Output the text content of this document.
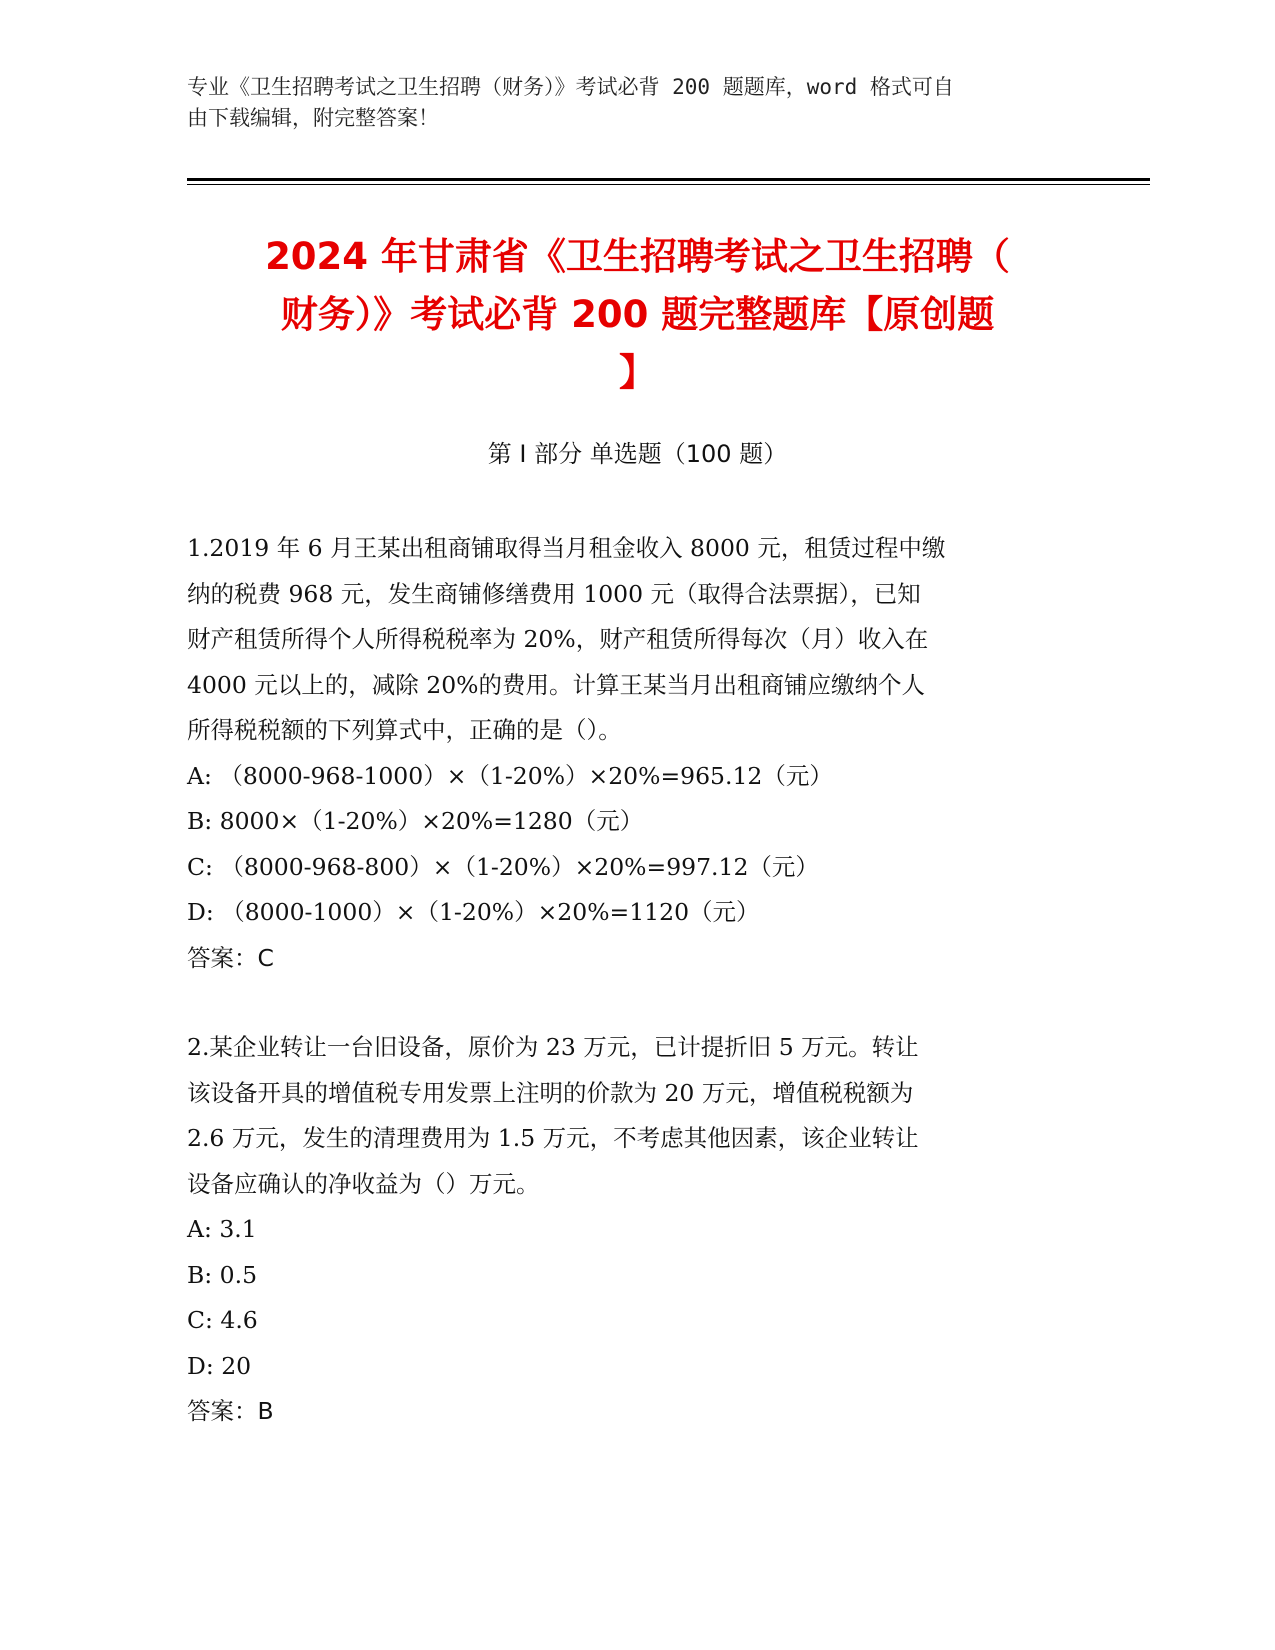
专业《卫生招聘考试之卫生招聘（财务）》考试必背 200 题题库，word 格式可自
由下载编辑，附完整答案！
2024 年甘肃省《卫生招聘考试之卫生招聘（
财务）》考试必背 200 题完整题库【原创题
】
第 I 部分 单选题（100 题）
1.2019 年 6 月王某出租商铺取得当月租金收入 8000 元，租赁过程中缴
纳的税费 968 元，发生商铺修缮费用 1000 元（取得合法票据），已知
财产租赁所得个人所得税税率为 20%，财产租赁所得每次（月）收入在
4000 元以上的，减除 20%的费用。计算王某当月出租商铺应缴纳个人
所得税税额的下列算式中，正确的是（）。
A: （8000-968-1000）×（1-20%）×20%=965.12（元）
B: 8000×（1-20%）×20%=1280（元）
C: （8000-968-800）×（1-20%）×20%=997.12（元）
D: （8000-1000）×（1-20%）×20%=1120（元）
答案：C
2.某企业转让一台旧设备，原价为 23 万元，已计提折旧 5 万元。转让
该设备开具的增值税专用发票上注明的价款为 20 万元，增值税税额为
2.6 万元，发生的清理费用为 1.5 万元，不考虑其他因素，该企业转让
设备应确认的净收益为（）万元。
A: 3.1
B: 0.5
C: 4.6
D: 20
答案：B
